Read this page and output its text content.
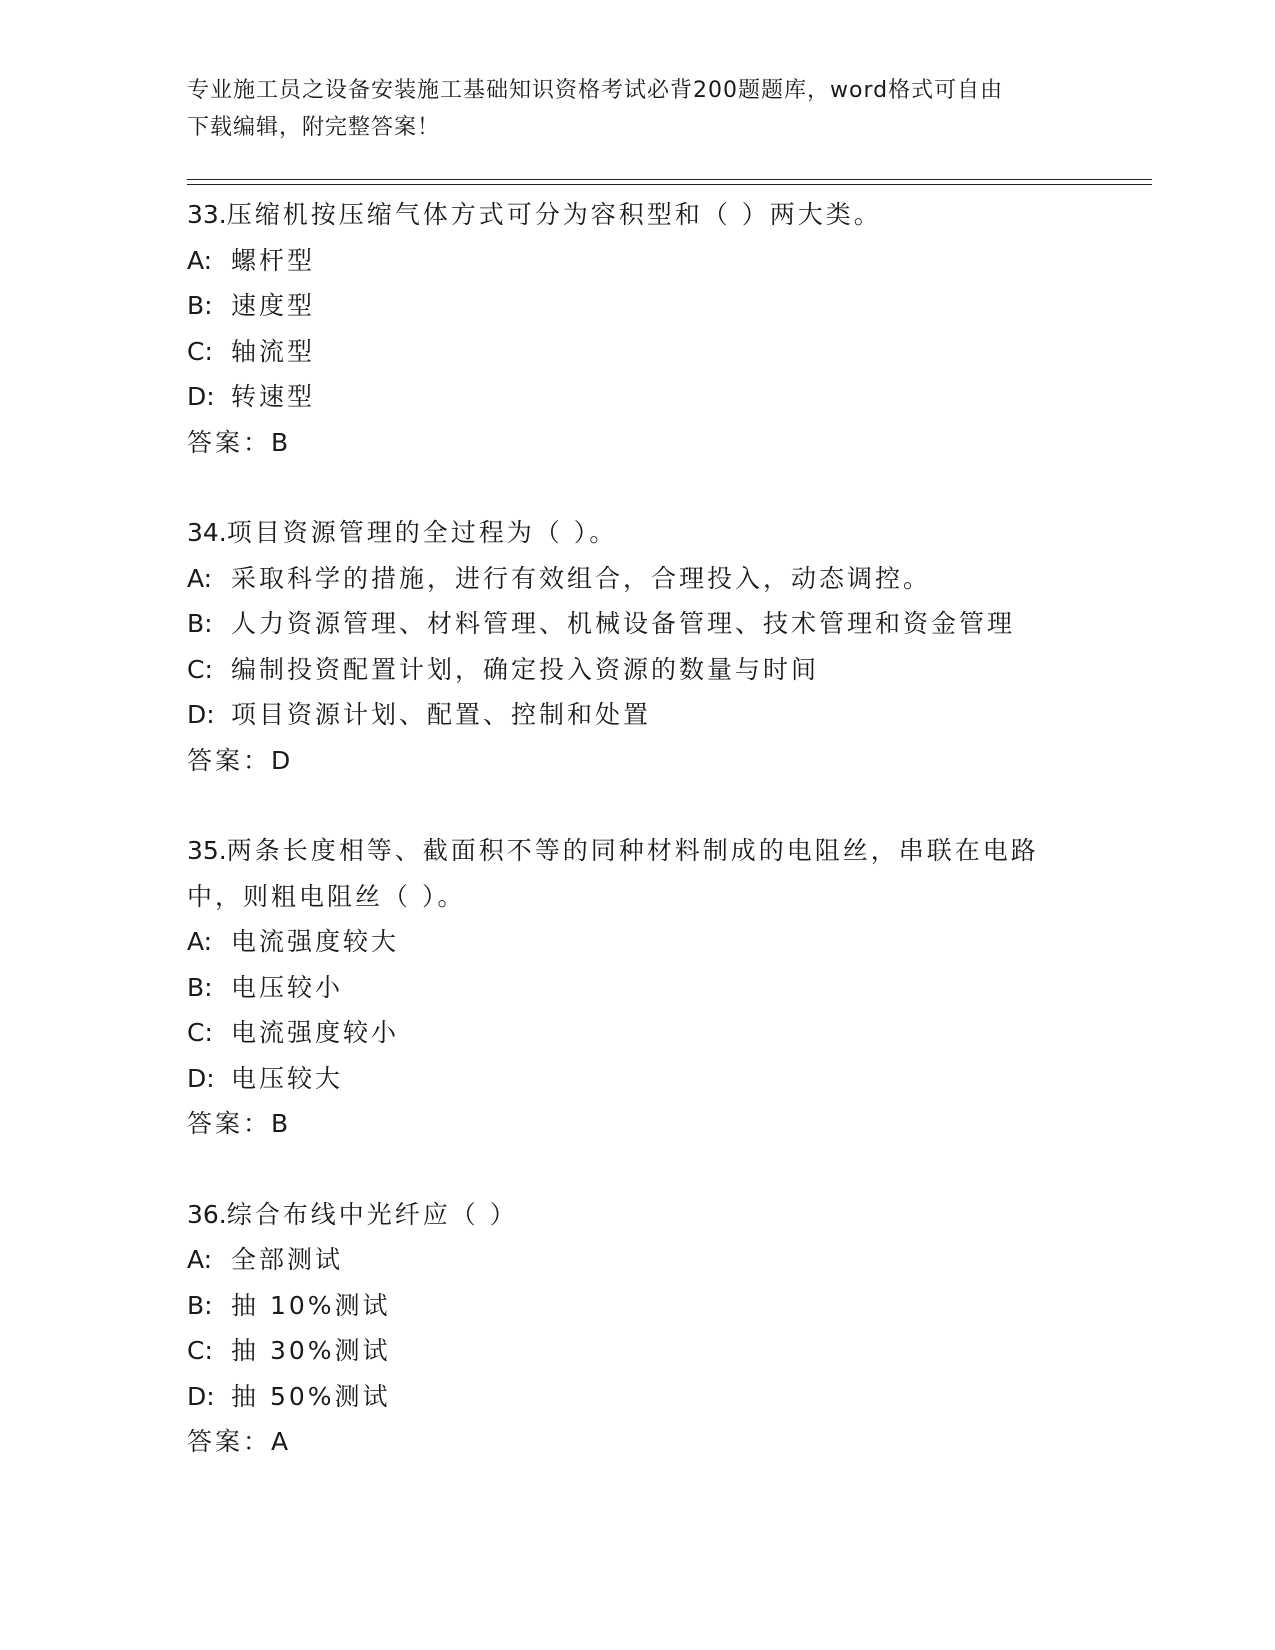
专业施工员之设备安装施工基础知识资格考试必背200题题库，word格式可自由
下载编辑，附完整答案！
33.压缩机按压缩气体方式可分为容积型和（ ）两大类。
A: 螺杆型
B: 速度型
C: 轴流型
D: 转速型
答案：B
34.项目资源管理的全过程为（ ）。
A: 采取科学的措施，进行有效组合，合理投入，动态调控。
B: 人力资源管理、材料管理、机械设备管理、技术管理和资金管理
C: 编制投资配置计划，确定投入资源的数量与时间
D: 项目资源计划、配置、控制和处置
答案：D
35.两条长度相等、截面积不等的同种材料制成的电阻丝，串联在电路
中，则粗电阻丝（ ）。
A: 电流强度较大
B: 电压较小
C: 电流强度较小
D: 电压较大
答案：B
36.综合布线中光纤应（ ）
A: 全部测试
B: 抽 10%测试
C: 抽 30%测试
D: 抽 50%测试
答案：A
